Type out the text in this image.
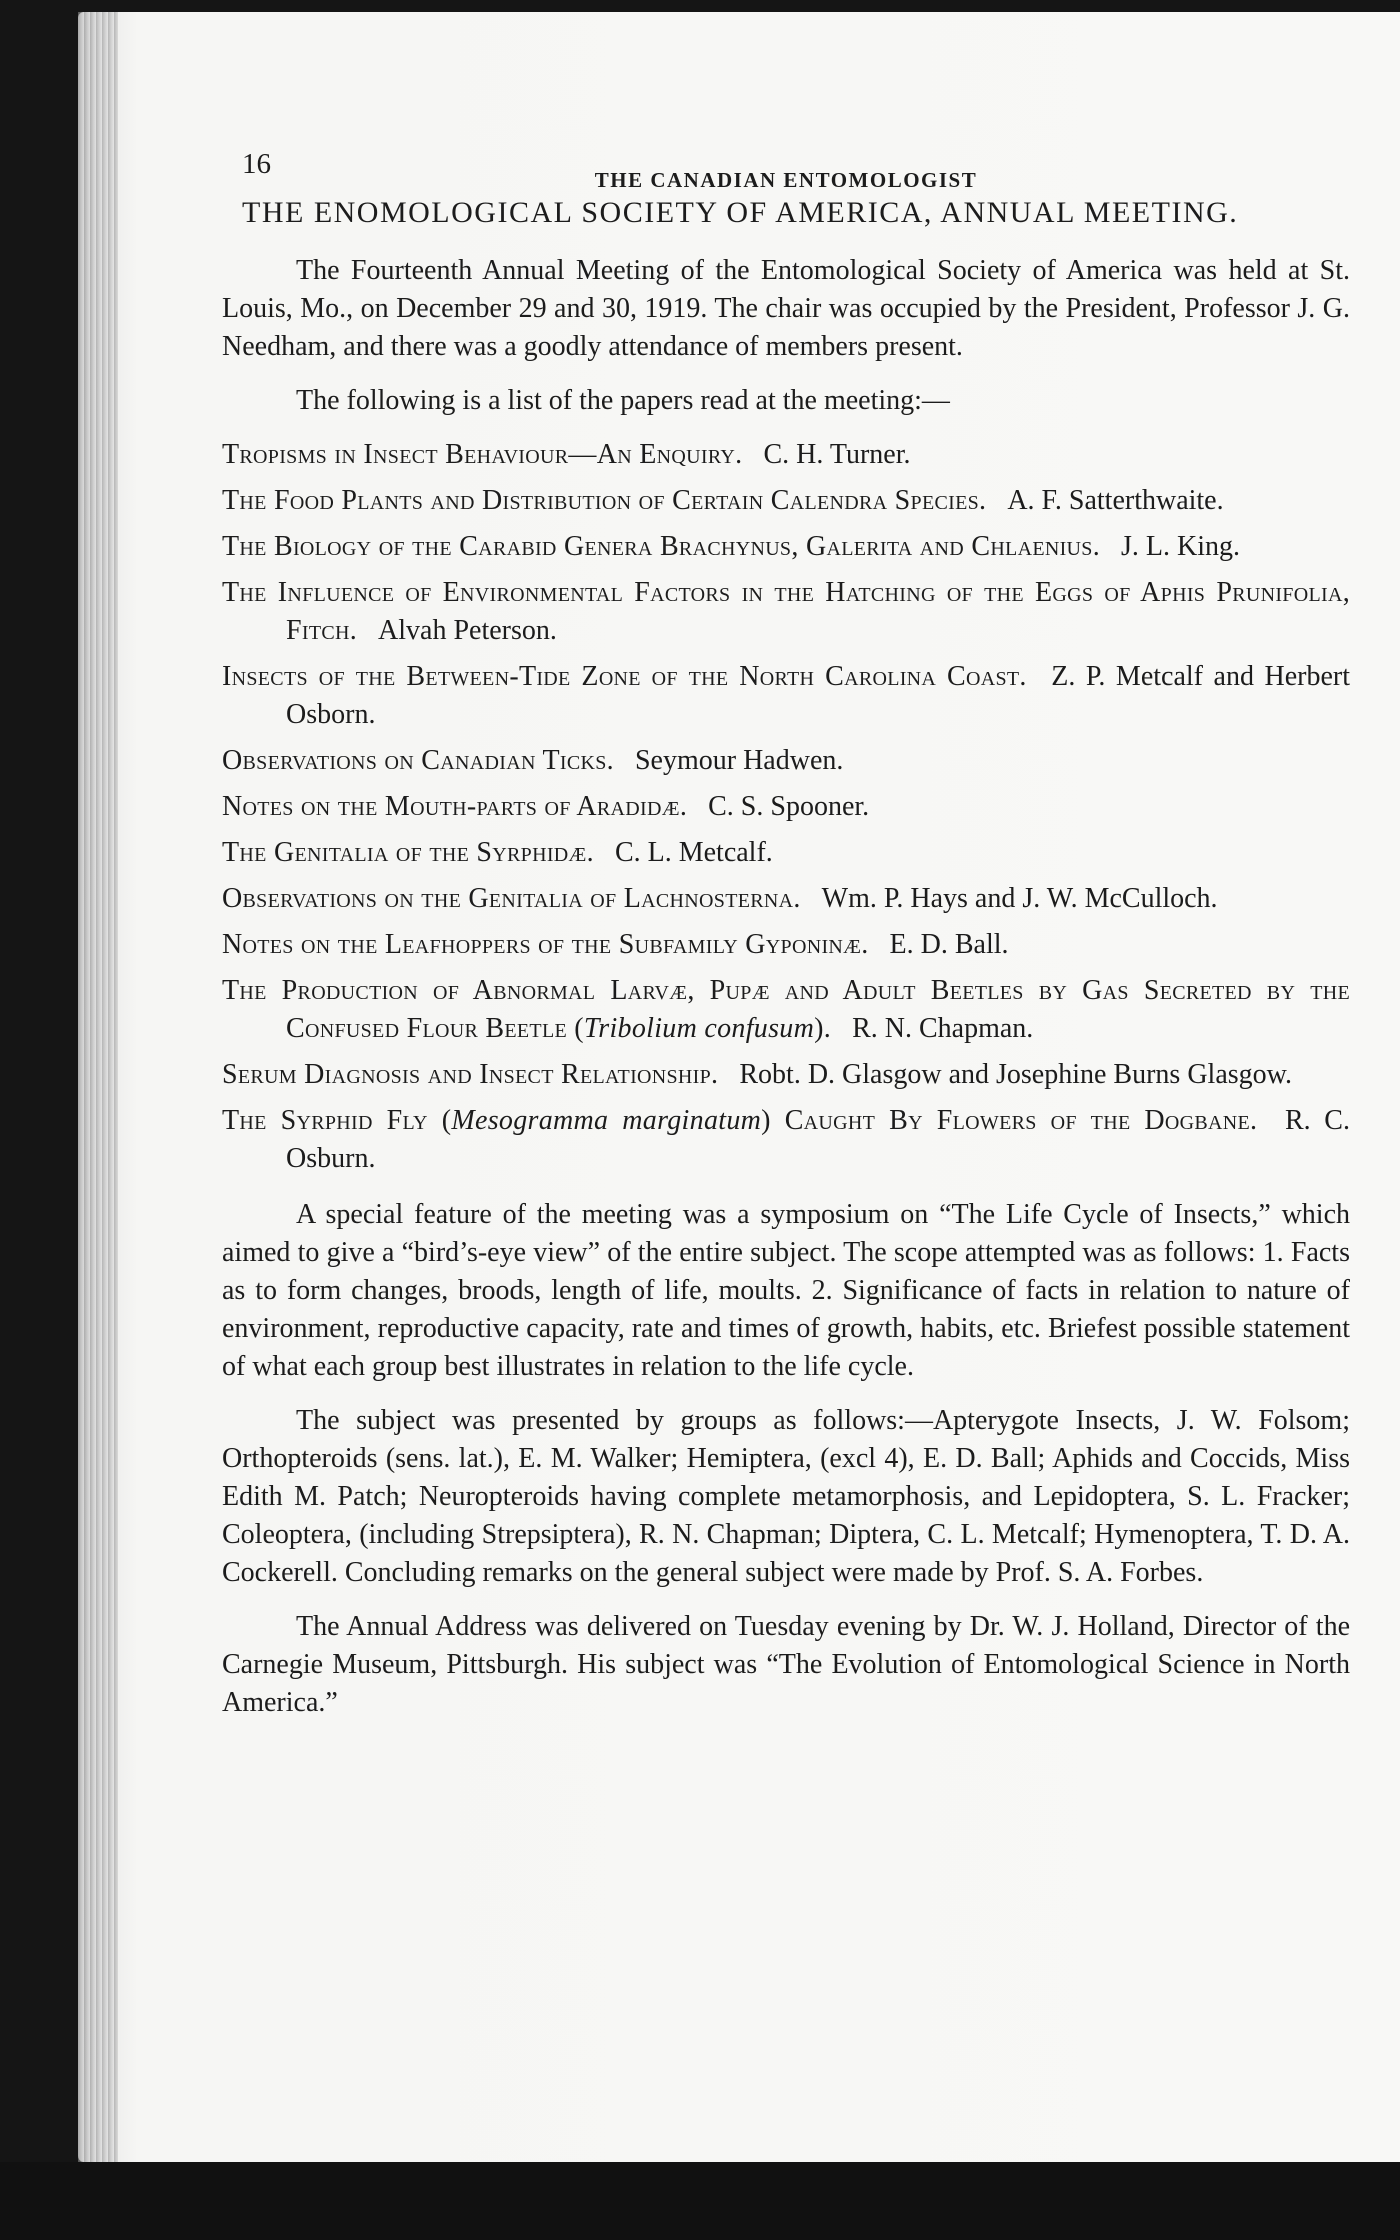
16	THE CANADIAN ENTOMOLOGIST
THE ENOMOLOGICAL SOCIETY OF AMERICA, ANNUAL MEETING.

The Fourteenth Annual Meeting of the Entomological Society of America was held at St. Louis, Mo., on December 29 and 30, 1919. The chair was occupied by the President, Professor J. G. Needham, and there was a goodly attendance of members present.

The following is a list of the papers read at the meeting:—

Tropisms in Insect Behaviour—An Enquiry. C. H. Turner.
The Food Plants and Distribution of Certain Calendra Species. A. F. Satterthwaite.
The Biology of the Carabid Genera Brachynus, Galerita and Chlaenius. J. L. King.
The Influence of Environmental Factors in the Hatching of the Eggs of Aphis Prunifolia, Fitch. Alvah Peterson.
Insects of the Between-Tide Zone of the North Carolina Coast. Z. P. Metcalf and Herbert Osborn.
Observations on Canadian Ticks. Seymour Hadwen.
Notes on the Mouth-parts of Aradidæ. C. S. Spooner.
The Genitalia of the Syrphidæ. C. L. Metcalf.
Observations on the Genitalia of Lachnosterna. Wm. P. Hays and J. W. McCulloch.
Notes on the Leafhoppers of the Subfamily Gyponinæ. E. D. Ball.
The Production of Abnormal Larvæ, Pupæ and Adult Beetles by Gas Secreted by the Confused Flour Beetle (Tribolium confusum). R. N. Chapman.
Serum Diagnosis and Insect Relationship. Robt. D. Glasgow and Josephine Burns Glasgow.
The Syrphid Fly (Mesogramma marginatum) Caught By Flowers of the Dogbane. R. C. Osburn.

A special feature of the meeting was a symposium on “The Life Cycle of Insects,” which aimed to give a “bird’s-eye view” of the entire subject. The scope attempted was as follows: 1. Facts as to form changes, broods, length of life, moults. 2. Significance of facts in relation to nature of environment, reproductive capacity, rate and times of growth, habits, etc. Briefest possible statement of what each group best illustrates in relation to the life cycle.

The subject was presented by groups as follows:—Apterygote Insects, J. W. Folsom; Orthopteroids (sens. lat.), E. M. Walker; Hemiptera, (excl 4), E. D. Ball; Aphids and Coccids, Miss Edith M. Patch; Neuropteroids having complete metamorphosis, and Lepidoptera, S. L. Fracker; Coleoptera, (including Strepsiptera), R. N. Chapman; Diptera, C. L. Metcalf; Hymenoptera, T. D. A. Cockerell. Concluding remarks on the general subject were made by Prof. S. A. Forbes.

The Annual Address was delivered on Tuesday evening by Dr. W. J. Holland, Director of the Carnegie Museum, Pittsburgh. His subject was “The Evolution of Entomological Science in North America.”
